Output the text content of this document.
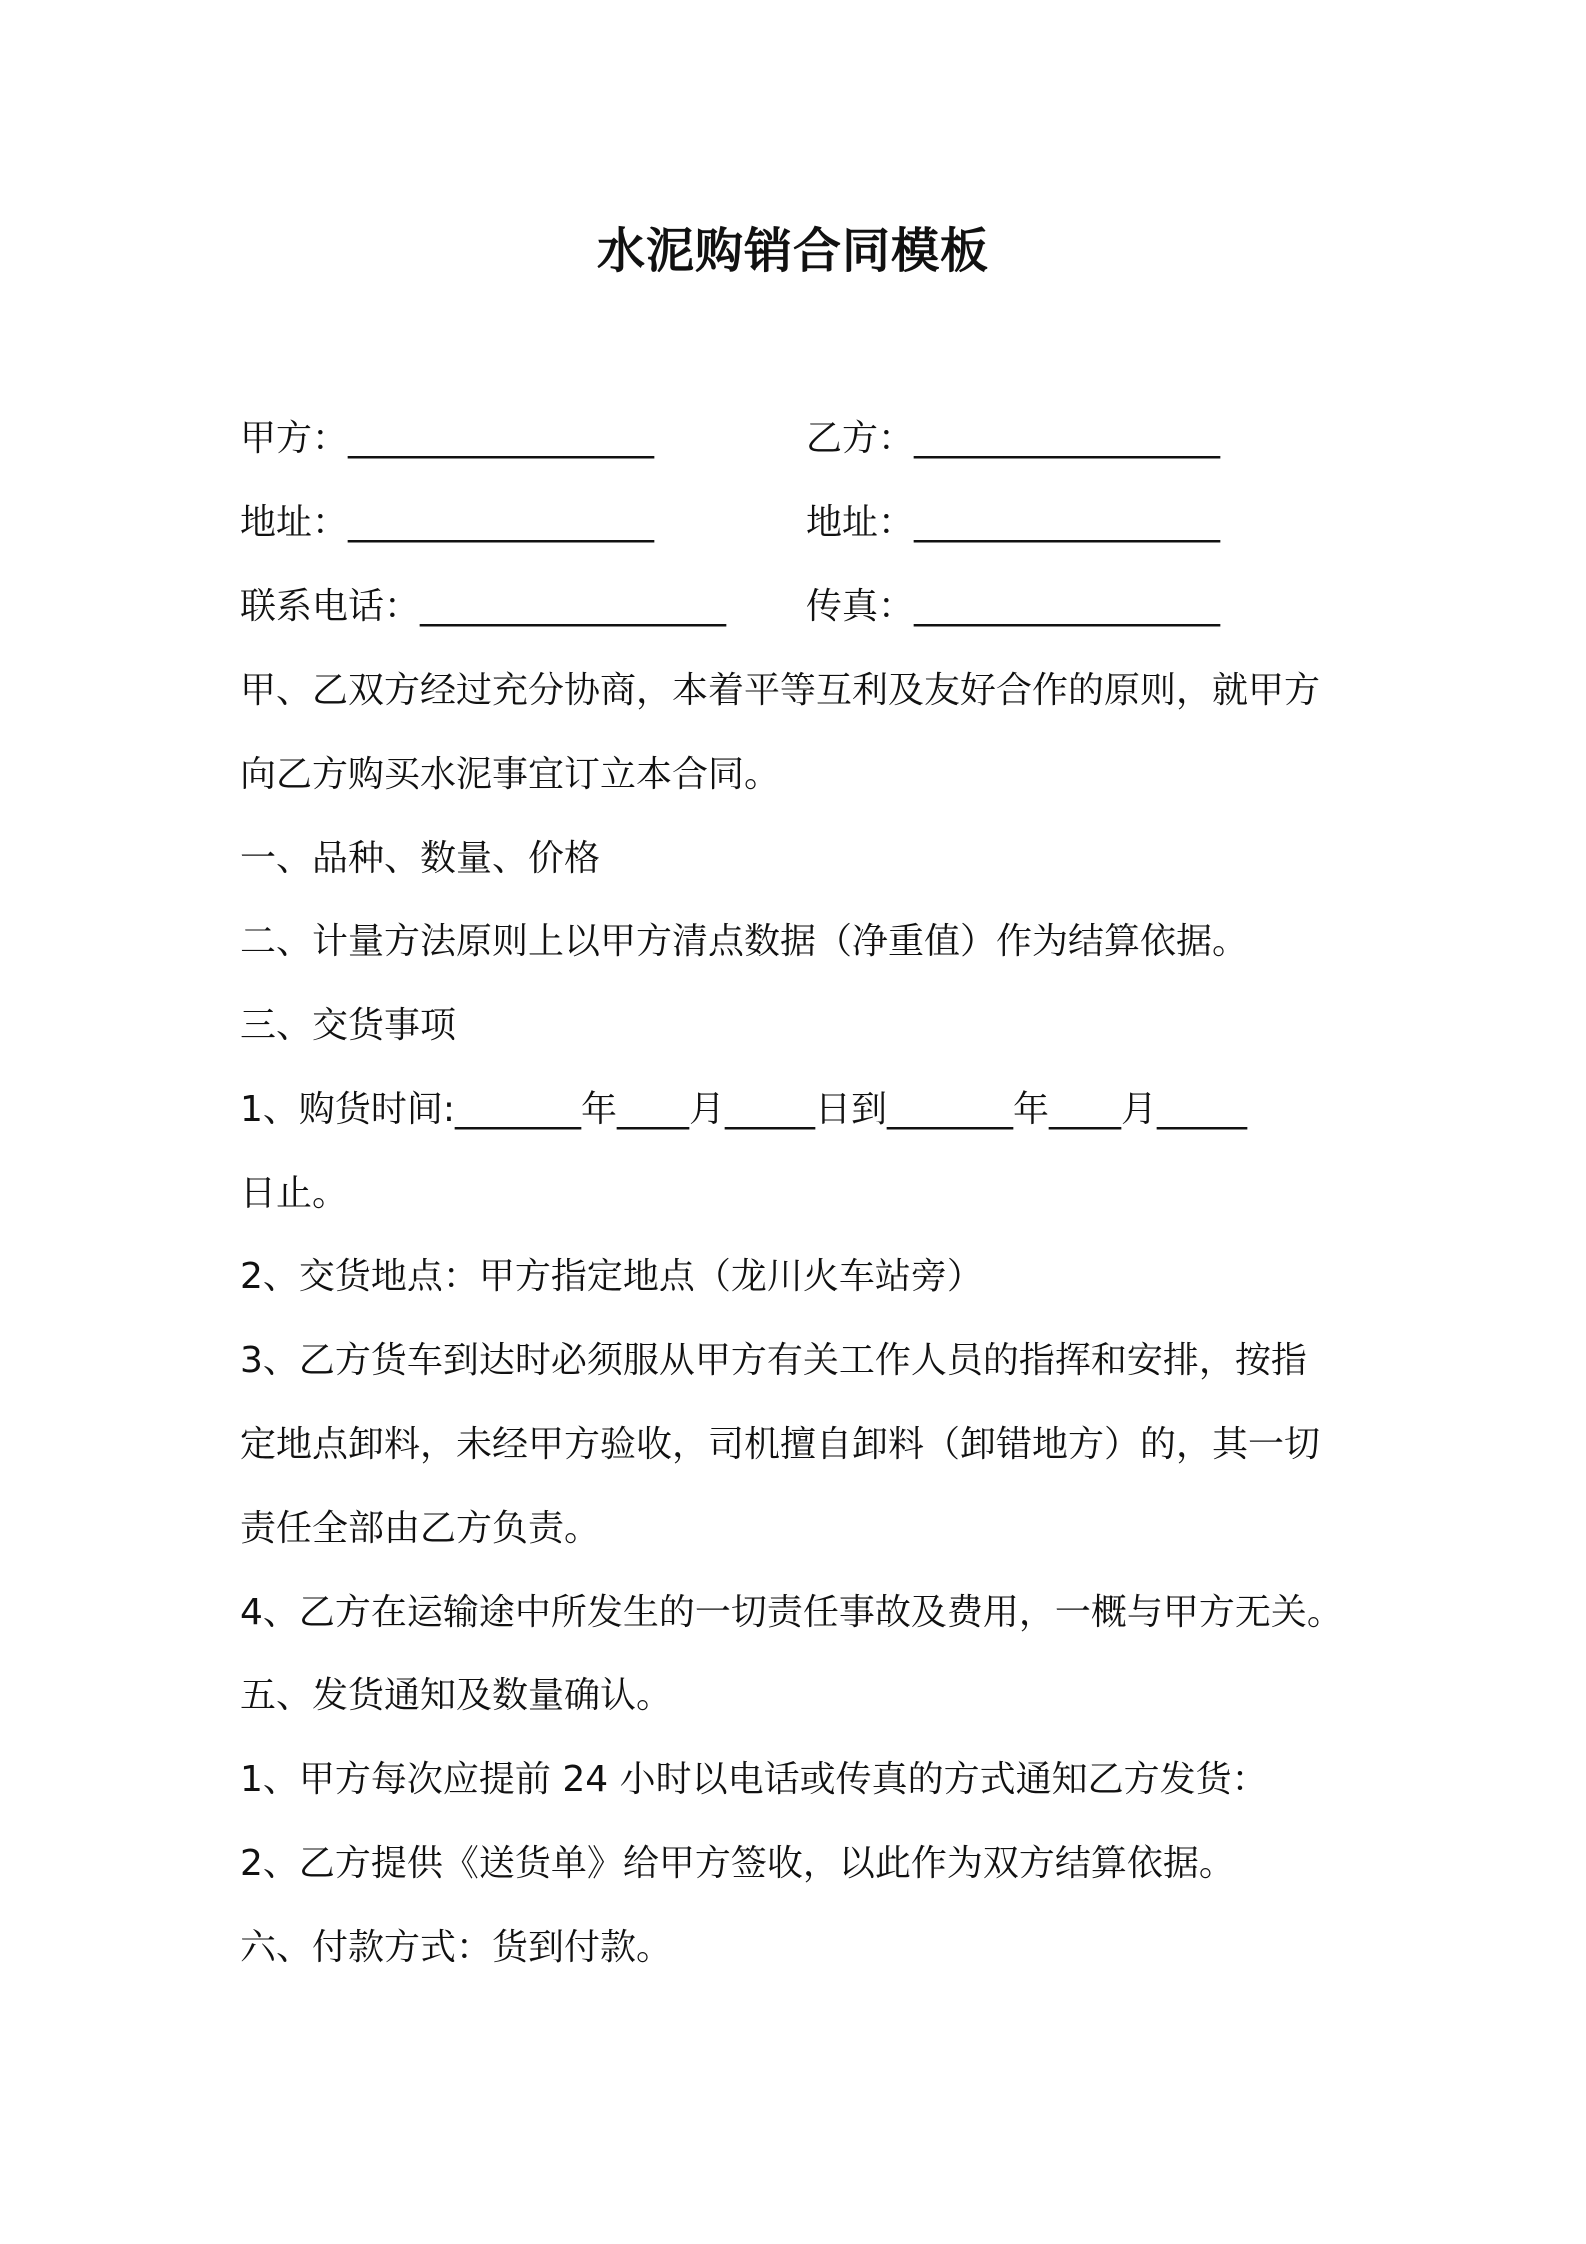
水泥购销合同模板
甲方：_________________	乙方：_________________
地址：_________________	地址：_________________
联系电话：_________________ 传真：_________________
甲、乙双方经过充分协商，本着平等互利及友好合作的原则，就甲方
向乙方购买水泥事宜订立本合同。
一、品种、数量、价格
二、计量方法原则上以甲方清点数据（净重值）作为结算依据。
三、交货事项
1、购货时间:_______年____月_____日到_______年____月_____
日止。
2、交货地点：甲方指定地点（龙川火车站旁）
3、乙方货车到达时必须服从甲方有关工作人员的指挥和安排，按指
定地点卸料，未经甲方验收，司机擅自卸料（卸错地方）的，其一切
责任全部由乙方负责。
4、乙方在运输途中所发生的一切责任事故及费用，一概与甲方无关。
五、发货通知及数量确认。
1、甲方每次应提前 24 小时以电话或传真的方式通知乙方发货：
2、乙方提供《送货单》给甲方签收，以此作为双方结算依据。
六、付款方式：货到付款。
